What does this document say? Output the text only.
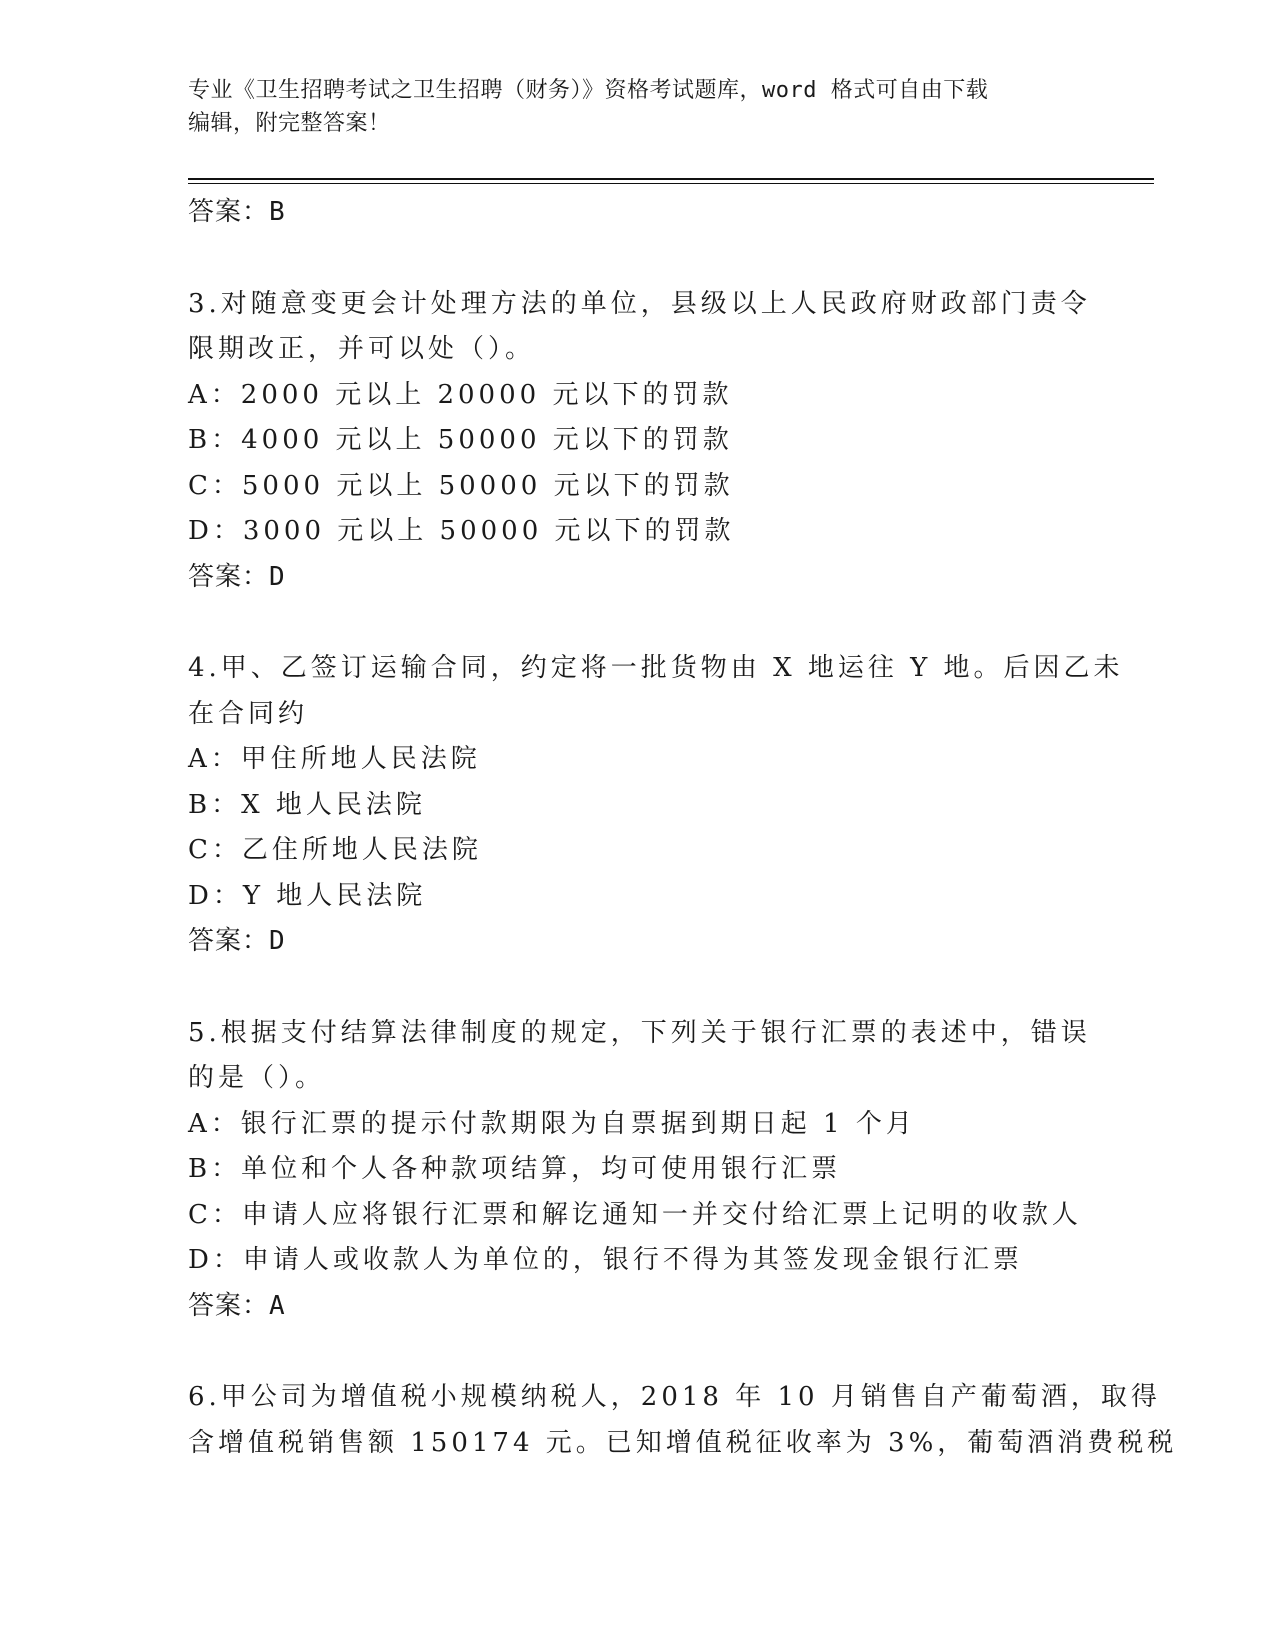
专业《卫生招聘考试之卫生招聘（财务）》资格考试题库，word 格式可自由下载
编辑，附完整答案！
答案：B
3.对随意变更会计处理方法的单位，县级以上人民政府财政部门责令
限期改正，并可以处（）。
A：2000 元以上 20000 元以下的罚款
B：4000 元以上 50000 元以下的罚款
C：5000 元以上 50000 元以下的罚款
D：3000 元以上 50000 元以下的罚款
答案：D
4.甲、乙签订运输合同，约定将一批货物由 X 地运往 Y 地。后因乙未
在合同约
A：甲住所地人民法院
B：X 地人民法院
C：乙住所地人民法院
D：Y 地人民法院
答案：D
5.根据支付结算法律制度的规定，下列关于银行汇票的表述中，错误
的是（）。
A：银行汇票的提示付款期限为自票据到期日起 1 个月
B：单位和个人各种款项结算，均可使用银行汇票
C：申请人应将银行汇票和解讫通知一并交付给汇票上记明的收款人
D：申请人或收款人为单位的，银行不得为其签发现金银行汇票
答案：A
6.甲公司为增值税小规模纳税人，2018 年 10 月销售自产葡萄酒，取得
含增值税销售额 150174 元。已知增值税征收率为 3%，葡萄酒消费税税
